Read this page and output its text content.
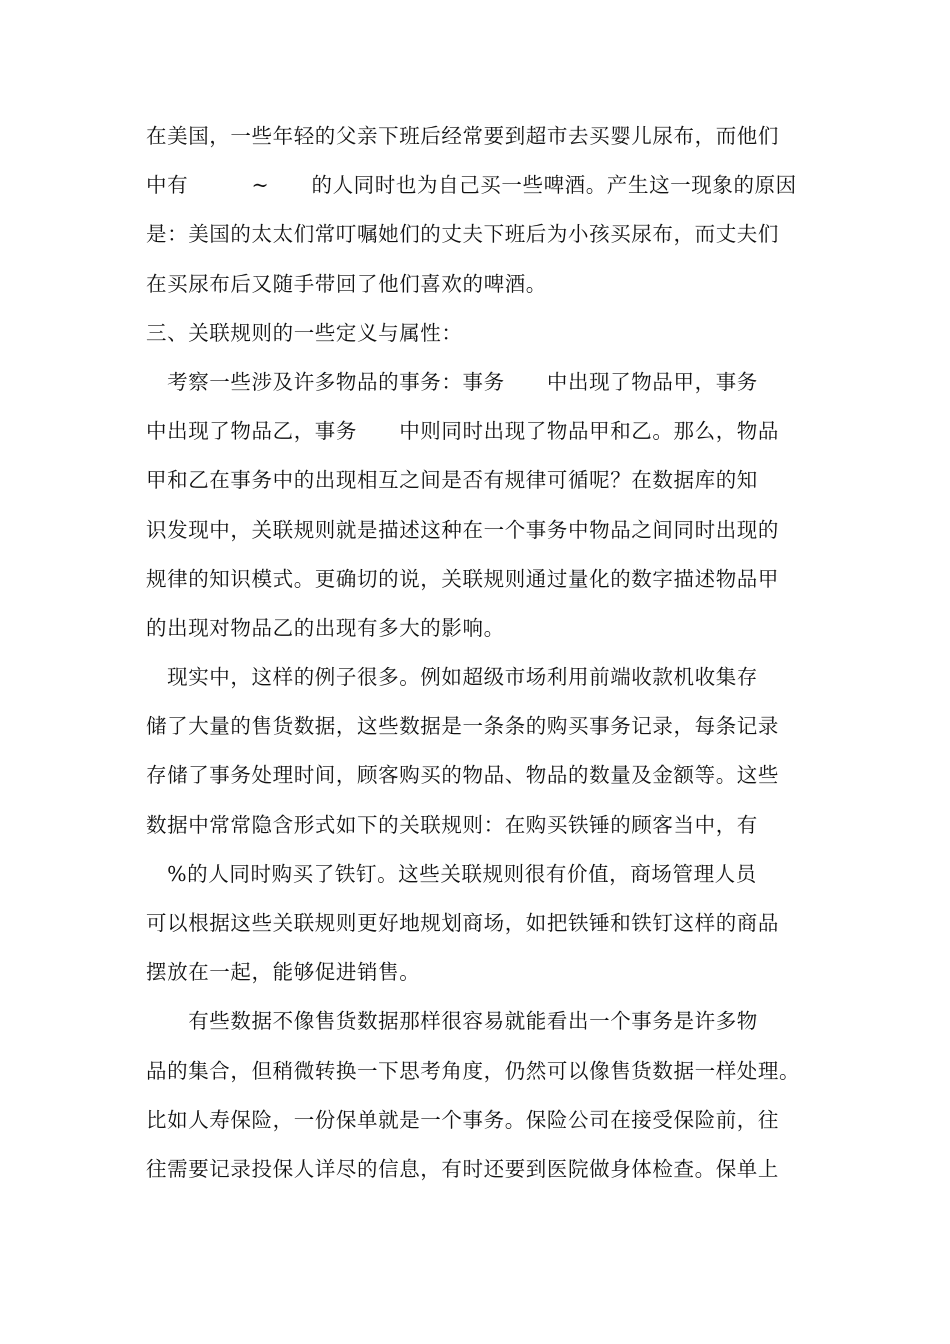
在美国，一些年轻的父亲下班后经常要到超市去买婴儿尿布，而他们
中有　　　~　　的人同时也为自己买一些啤酒。产生这一现象的原因
是：美国的太太们常叮嘱她们的丈夫下班后为小孩买尿布，而丈夫们
在买尿布后又随手带回了他们喜欢的啤酒。
三、关联规则的一些定义与属性：
　考察一些涉及许多物品的事务：事务　　中出现了物品甲，事务
中出现了物品乙，事务　　中则同时出现了物品甲和乙。那么，物品
甲和乙在事务中的出现相互之间是否有规律可循呢？在数据库的知
识发现中，关联规则就是描述这种在一个事务中物品之间同时出现的
规律的知识模式。更确切的说，关联规则通过量化的数字描述物品甲
的出现对物品乙的出现有多大的影响。
　现实中，这样的例子很多。例如超级市场利用前端收款机收集存
储了大量的售货数据，这些数据是一条条的购买事务记录，每条记录
存储了事务处理时间，顾客购买的物品、物品的数量及金额等。这些
数据中常常隐含形式如下的关联规则：在购买铁锤的顾客当中，有
　%的人同时购买了铁钉。这些关联规则很有价值，商场管理人员
可以根据这些关联规则更好地规划商场，如把铁锤和铁钉这样的商品
摆放在一起，能够促进销售。
　　有些数据不像售货数据那样很容易就能看出一个事务是许多物
品的集合，但稍微转换一下思考角度，仍然可以像售货数据一样处理。
比如人寿保险，一份保单就是一个事务。保险公司在接受保险前，往
往需要记录投保人详尽的信息，有时还要到医院做身体检查。保单上
